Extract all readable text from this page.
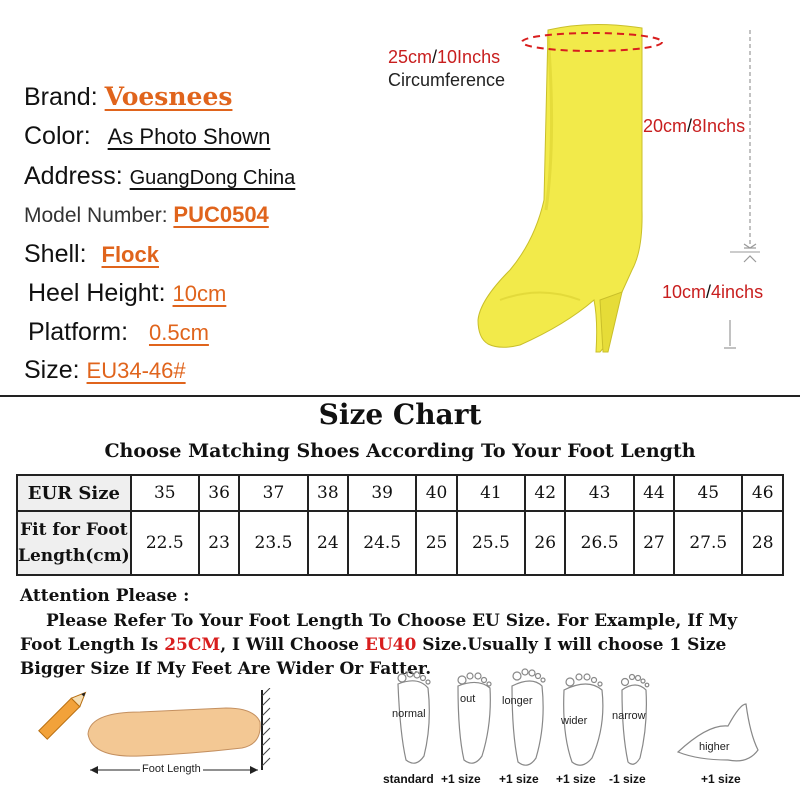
Brand: Voesnees
Color: As Photo Shown
Address: GuangDong China
Model Number: PUC0504
Shell: Flock
Heel Height: 10cm
Platform: 0.5cm
Size: EU34-46#
25cm/10Inchs
Circumference
20cm/8Inchs
10cm/4inchs
Size Chart
Choose Matching Shoes According To Your Foot Length
EUR Size	35	36	37	38	39	40	41	42	43	44	45	46
Fit for Foot
Length(cm)	22.5	23	23.5	24	24.5	25	25.5	26	26.5	27	27.5	28
Attention Please :
Please Refer To Your Foot Length To Choose EU Size. For Example, If My Foot Length Is 25CM, I Will Choose EU40 Size.Usually I will choose 1 Size Bigger Size If My Feet Are Wider Or Fatter.
Foot Length
normal
out longer
wider narrow
higher
standard +1 size +1 size +1 size -1 size	+1 size
